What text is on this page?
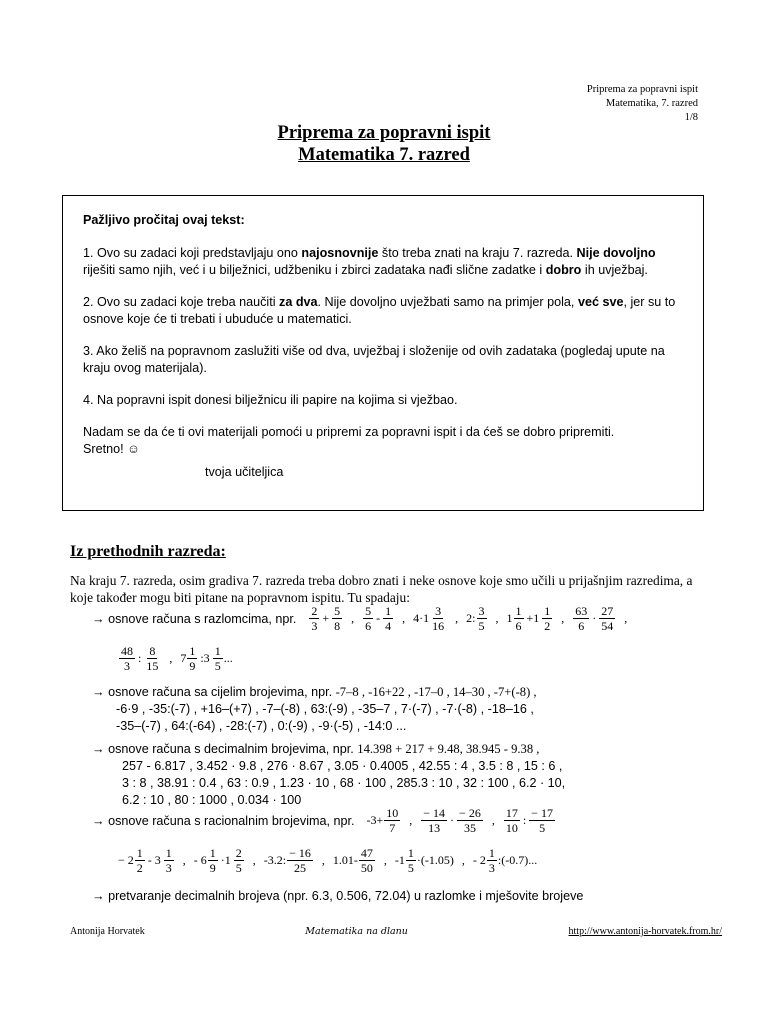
Priprema za popravni ispit
Matematika, 7. razred
1/8
Priprema za popravni ispit
Matematika 7. razred

Pažljivo pročitaj ovaj tekst:

1. Ovo su zadaci koji predstavljaju ono najosnovnije što treba znati na kraju 7. razreda. Nije dovoljno riješiti samo njih, već i u bilježnici, udžbeniku i zbirci zadataka nađi slične zadatke i dobro ih uvježbaj.

2. Ovo su zadaci koje treba naučiti za dva. Nije dovoljno uvježbati samo na primjer pola, već sve, jer su to osnove koje će ti trebati i ubuduće u matematici.

3. Ako želiš na popravnom zaslužiti više od dva, uvježbaj i složenije od ovih zadataka (pogledaj upute na kraju ovog materijala).

4. Na popravni ispit donesi bilježnicu ili papire na kojima si vježbao.

Nadam se da će ti ovi materijali pomoći u pripremi za popravni ispit i da ćeš se dobro pripremiti.
Sretno! ☺

tvoja učiteljica

Iz prethodnih razreda:
Na kraju 7. razreda, osim gradiva 7. razreda treba dobro znati i neke osnove koje smo učili u prijašnjim razredima, a koje također mogu biti pitane na popravnom ispitu. Tu spadaju:
→ osnove računa s razlomcima, npr. $\frac{2}{3} + \frac{5}{8}$ , $\frac{5}{6} - \frac{1}{4}$ , $4\cdot 1 \frac{3}{16}$ , 2: $\frac{3}{5}$ , $1 \frac{1}{6} +1 \frac{1}{2}$ , $\frac{63}{6} \cdot \frac{27}{54}$ ,
$\frac{48}{3}$ : $\frac{8}{15}$ , $7 \frac{1}{9}$ :3 $\frac{1}{5}$ ...
→ osnove računa sa cijelim brojevima, npr. -7–8 , -16+22 , -17–0 , 14–30 , -7+(-8) ,
-6·9 , -35:(-7) , +16–(+7) , -7–(-8) , 63:(-9) , -35–7 , 7·(-7) , -7·(-8) , -18–16 ,
-35–(-7) , 64:(-64) , -28:(-7) , 0:(-9) , -9·(-5) , -14:0 ...
→ osnove računa s decimalnim brojevima, npr. 14.398 + 217 + 9.48, 38.945 - 9.38 ,
257 - 6.817 , 3.452 · 9.8 , 276 · 8.67 , 3.05 · 0.4005 , 42.55 : 4 , 3.5 : 8 , 15 : 6 ,
3 : 8 , 38.91 : 0.4 , 63 : 0.9 , 1.23 · 10 , 68 · 100 , 285.3 : 10 , 32 : 100 , 6.2 · 10,
6.2 : 10 , 80 : 1000 , 0.034 · 100
→ osnove računa s racionalnim brojevima, npr. $-3+ \frac{10}{7}$ , $\frac{- 14}{13} \cdot \frac{- 26}{35}$ , $\frac{17}{10}$ : $\frac{- 17}{5}$
− $2 \frac{1}{2} - 3 \frac{1}{3}$ , - $6 \frac{1}{9} \cdot 1 \frac{2}{5}$ , -3.2: $\frac{- 16}{25}$ , $1.01- \frac{47}{50}$ , $-1 \frac{1}{5} \cdot(-1.05)$ , - $2 \frac{1}{3}$ :(-0.7)...
→ pretvaranje decimalnih brojeva (npr. 6.3, 0.506, 72.04) u razlomke i mješovite brojeve
Antonija Horvatek	Matematika na dlanu	http://www.antonija-horvatek.from.hr/
